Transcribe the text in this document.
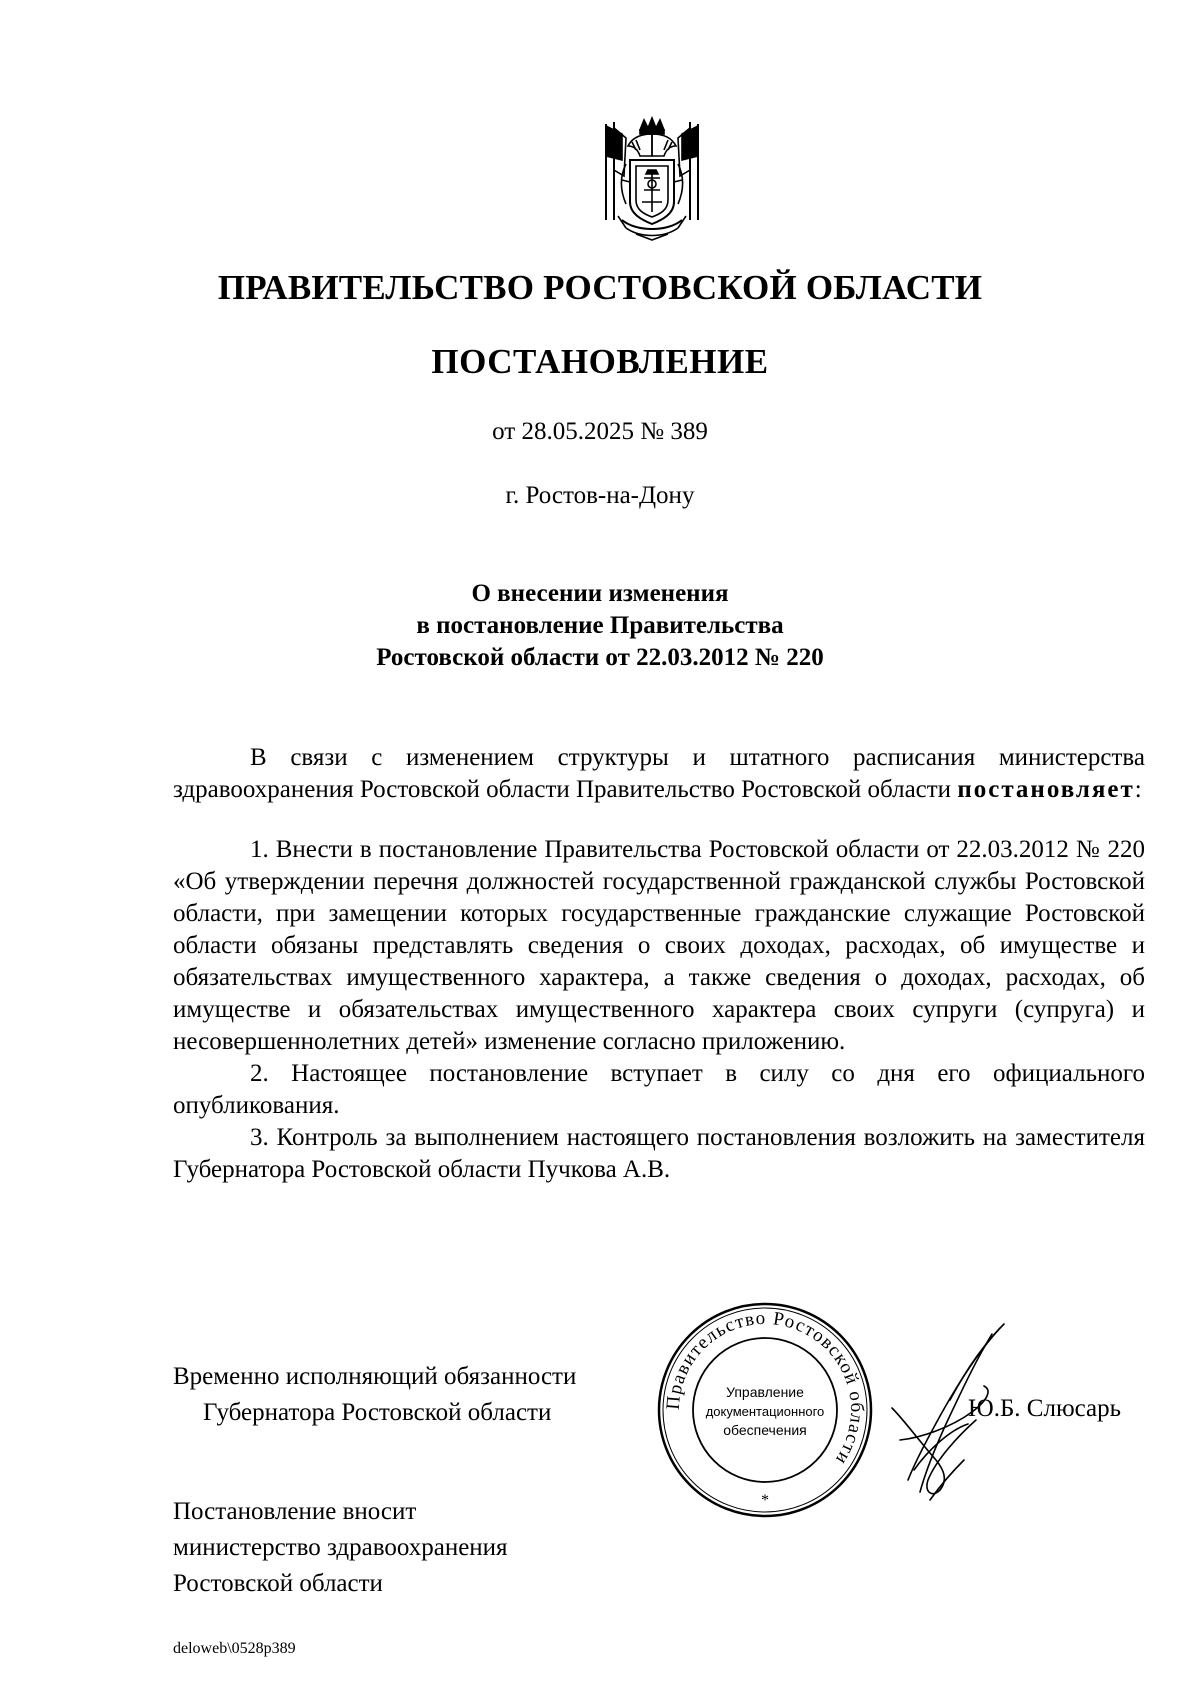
ПРАВИТЕЛЬСТВО РОСТОВСКОЙ ОБЛАСТИ
ПОСТАНОВЛЕНИЕ
от 28.05.2025 № 389
г. Ростов-на-Дону
О внесении изменения
в постановление Правительства
Ростовской области от 22.03.2012 № 220

В связи с изменением структуры и штатного расписания министерства здравоохранения Ростовской области Правительство Ростовской области постановляет:

1. Внести в постановление Правительства Ростовской области от 22.03.2012 № 220 «Об утверждении перечня должностей государственной гражданской службы Ростовской области, при замещении которых государственные гражданские служащие Ростовской области обязаны представлять сведения о своих доходах, расходах, об имуществе и обязательствах имущественного характера, а также сведения о доходах, расходах, об имуществе и обязательствах имущественного характера своих супруги (супруга) и несовершеннолетних детей» изменение согласно приложению.

2. Настоящее постановление вступает в силу со дня его официального опубликования.

3. Контроль за выполнением настоящего постановления возложить на заместителя Губернатора Ростовской области Пучкова А.В.

Временно исполняющий обязанности
Губернатора Ростовской области	Правительство Ростовской области
Управление
документационного
обеспечения
*
Ю.Б. Слюсарь
Постановление вносит
министерство здравоохранения
Ростовской области
deloweb\0528p389
